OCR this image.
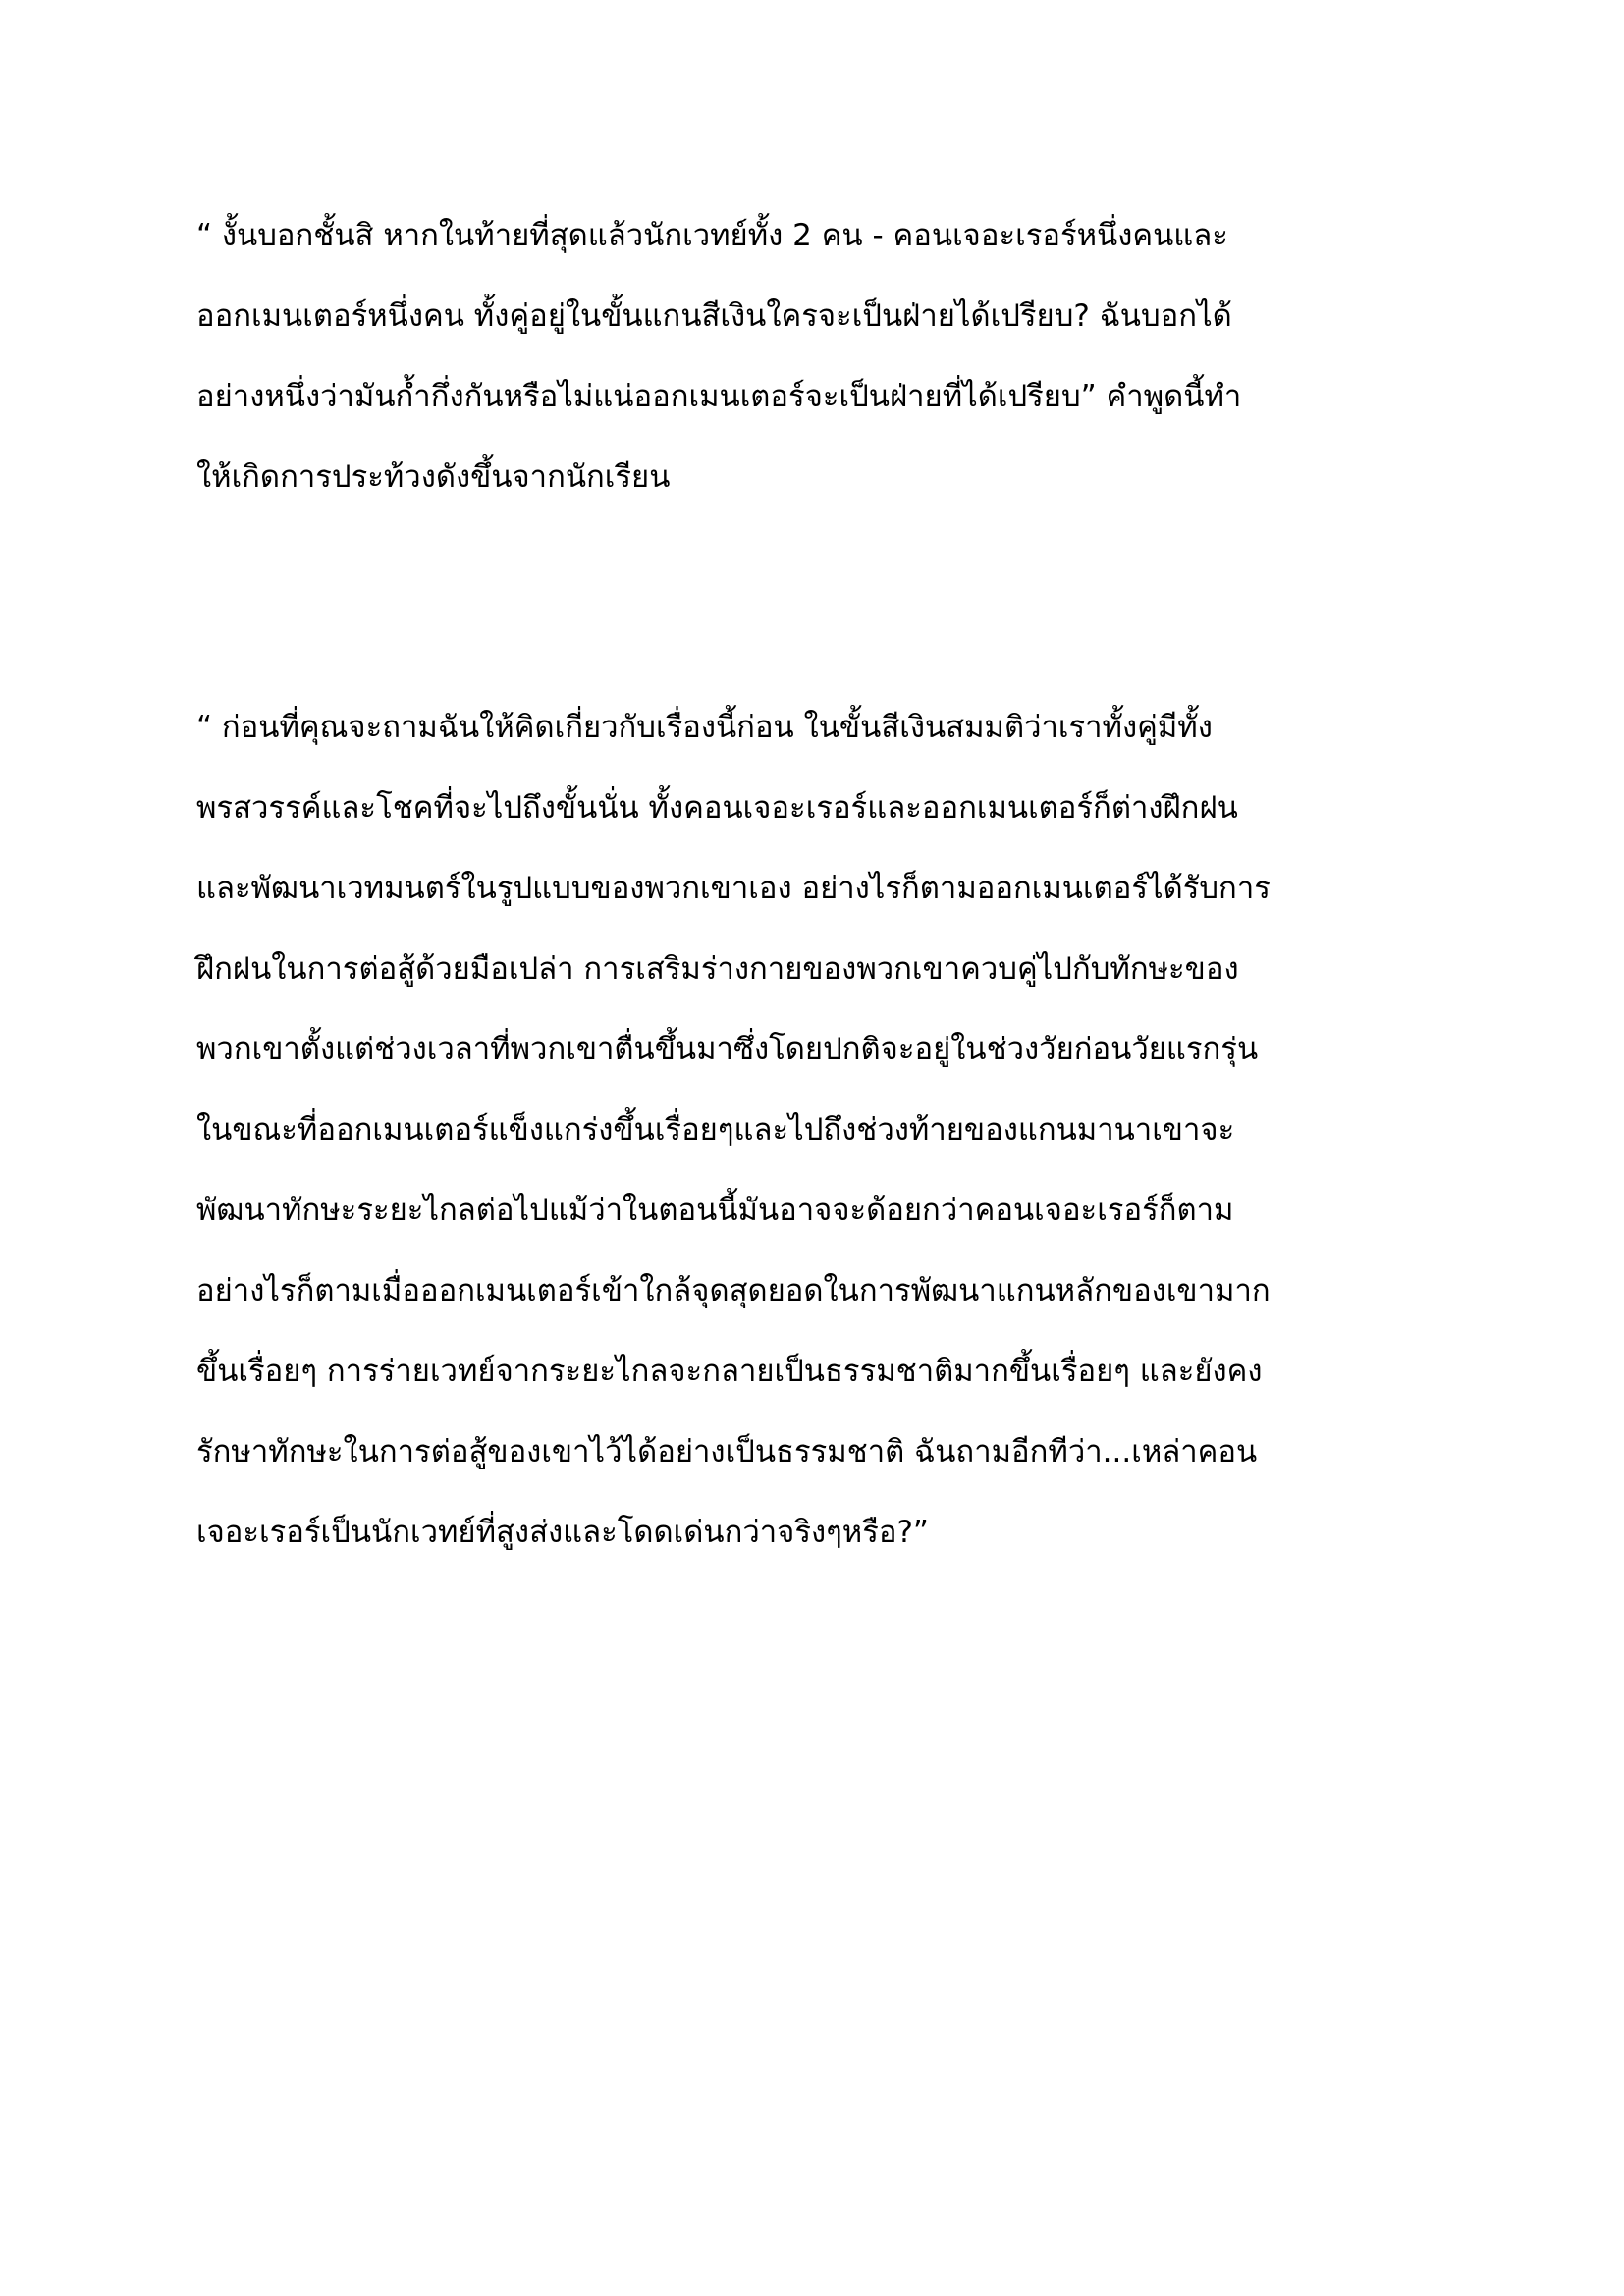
“ งั้นบอกชั้นสิ หากในท้ายที่สุดแล้วนักเวทย์ทั้ง 2 คน - คอนเจอะเรอร์หนึ่งคนและ
ออกเมนเตอร์หนึ่งคน ทั้งคู่อยู่ในขั้นแกนสีเงินใครจะเป็นฝ่ายได้เปรียบ? ฉันบอกได้
อย่างหนึ่งว่ามันก้ำกึ่งกันหรือไม่แน่ออกเมนเตอร์จะเป็นฝ่ายที่ได้เปรียบ” คำพูดนี้ทำ
ให้เกิดการประท้วงดังขึ้นจากนักเรียน

“ ก่อนที่คุณจะถามฉันให้คิดเกี่ยวกับเรื่องนี้ก่อน ในขั้นสีเงินสมมติว่าเราทั้งคู่มีทั้ง
พรสวรรค์และโชคที่จะไปถึงขั้นนั่น ทั้งคอนเจอะเรอร์และออกเมนเตอร์ก็ต่างฝึกฝน
และพัฒนาเวทมนตร์ในรูปแบบของพวกเขาเอง อย่างไรก็ตามออกเมนเตอร์ได้รับการ
ฝึกฝนในการต่อสู้ด้วยมือเปล่า การเสริมร่างกายของพวกเขาควบคู่ไปกับทักษะของ
พวกเขาตั้งแต่ช่วงเวลาที่พวกเขาตื่นขึ้นมาซึ่งโดยปกติจะอยู่ในช่วงวัยก่อนวัยแรกรุ่น
ในขณะที่ออกเมนเตอร์แข็งแกร่งขึ้นเรื่อยๆและไปถึงช่วงท้ายของแกนมานาเขาจะ
พัฒนาทักษะระยะไกลต่อไปแม้ว่าในตอนนี้มันอาจจะด้อยกว่าคอนเจอะเรอร์ก็ตาม
อย่างไรก็ตามเมื่อออกเมนเตอร์เข้าใกล้จุดสุดยอดในการพัฒนาแกนหลักของเขามาก
ขึ้นเรื่อยๆ การร่ายเวทย์จากระยะไกลจะกลายเป็นธรรมชาติมากขึ้นเรื่อยๆ และยังคง
รักษาทักษะในการต่อสู้ของเขาไว้ได้อย่างเป็นธรรมชาติ ฉันถามอีกทีว่า...เหล่าคอน
เจอะเรอร์เป็นนักเวทย์ที่สูงส่งและโดดเด่นกว่าจริงๆหรือ?”
